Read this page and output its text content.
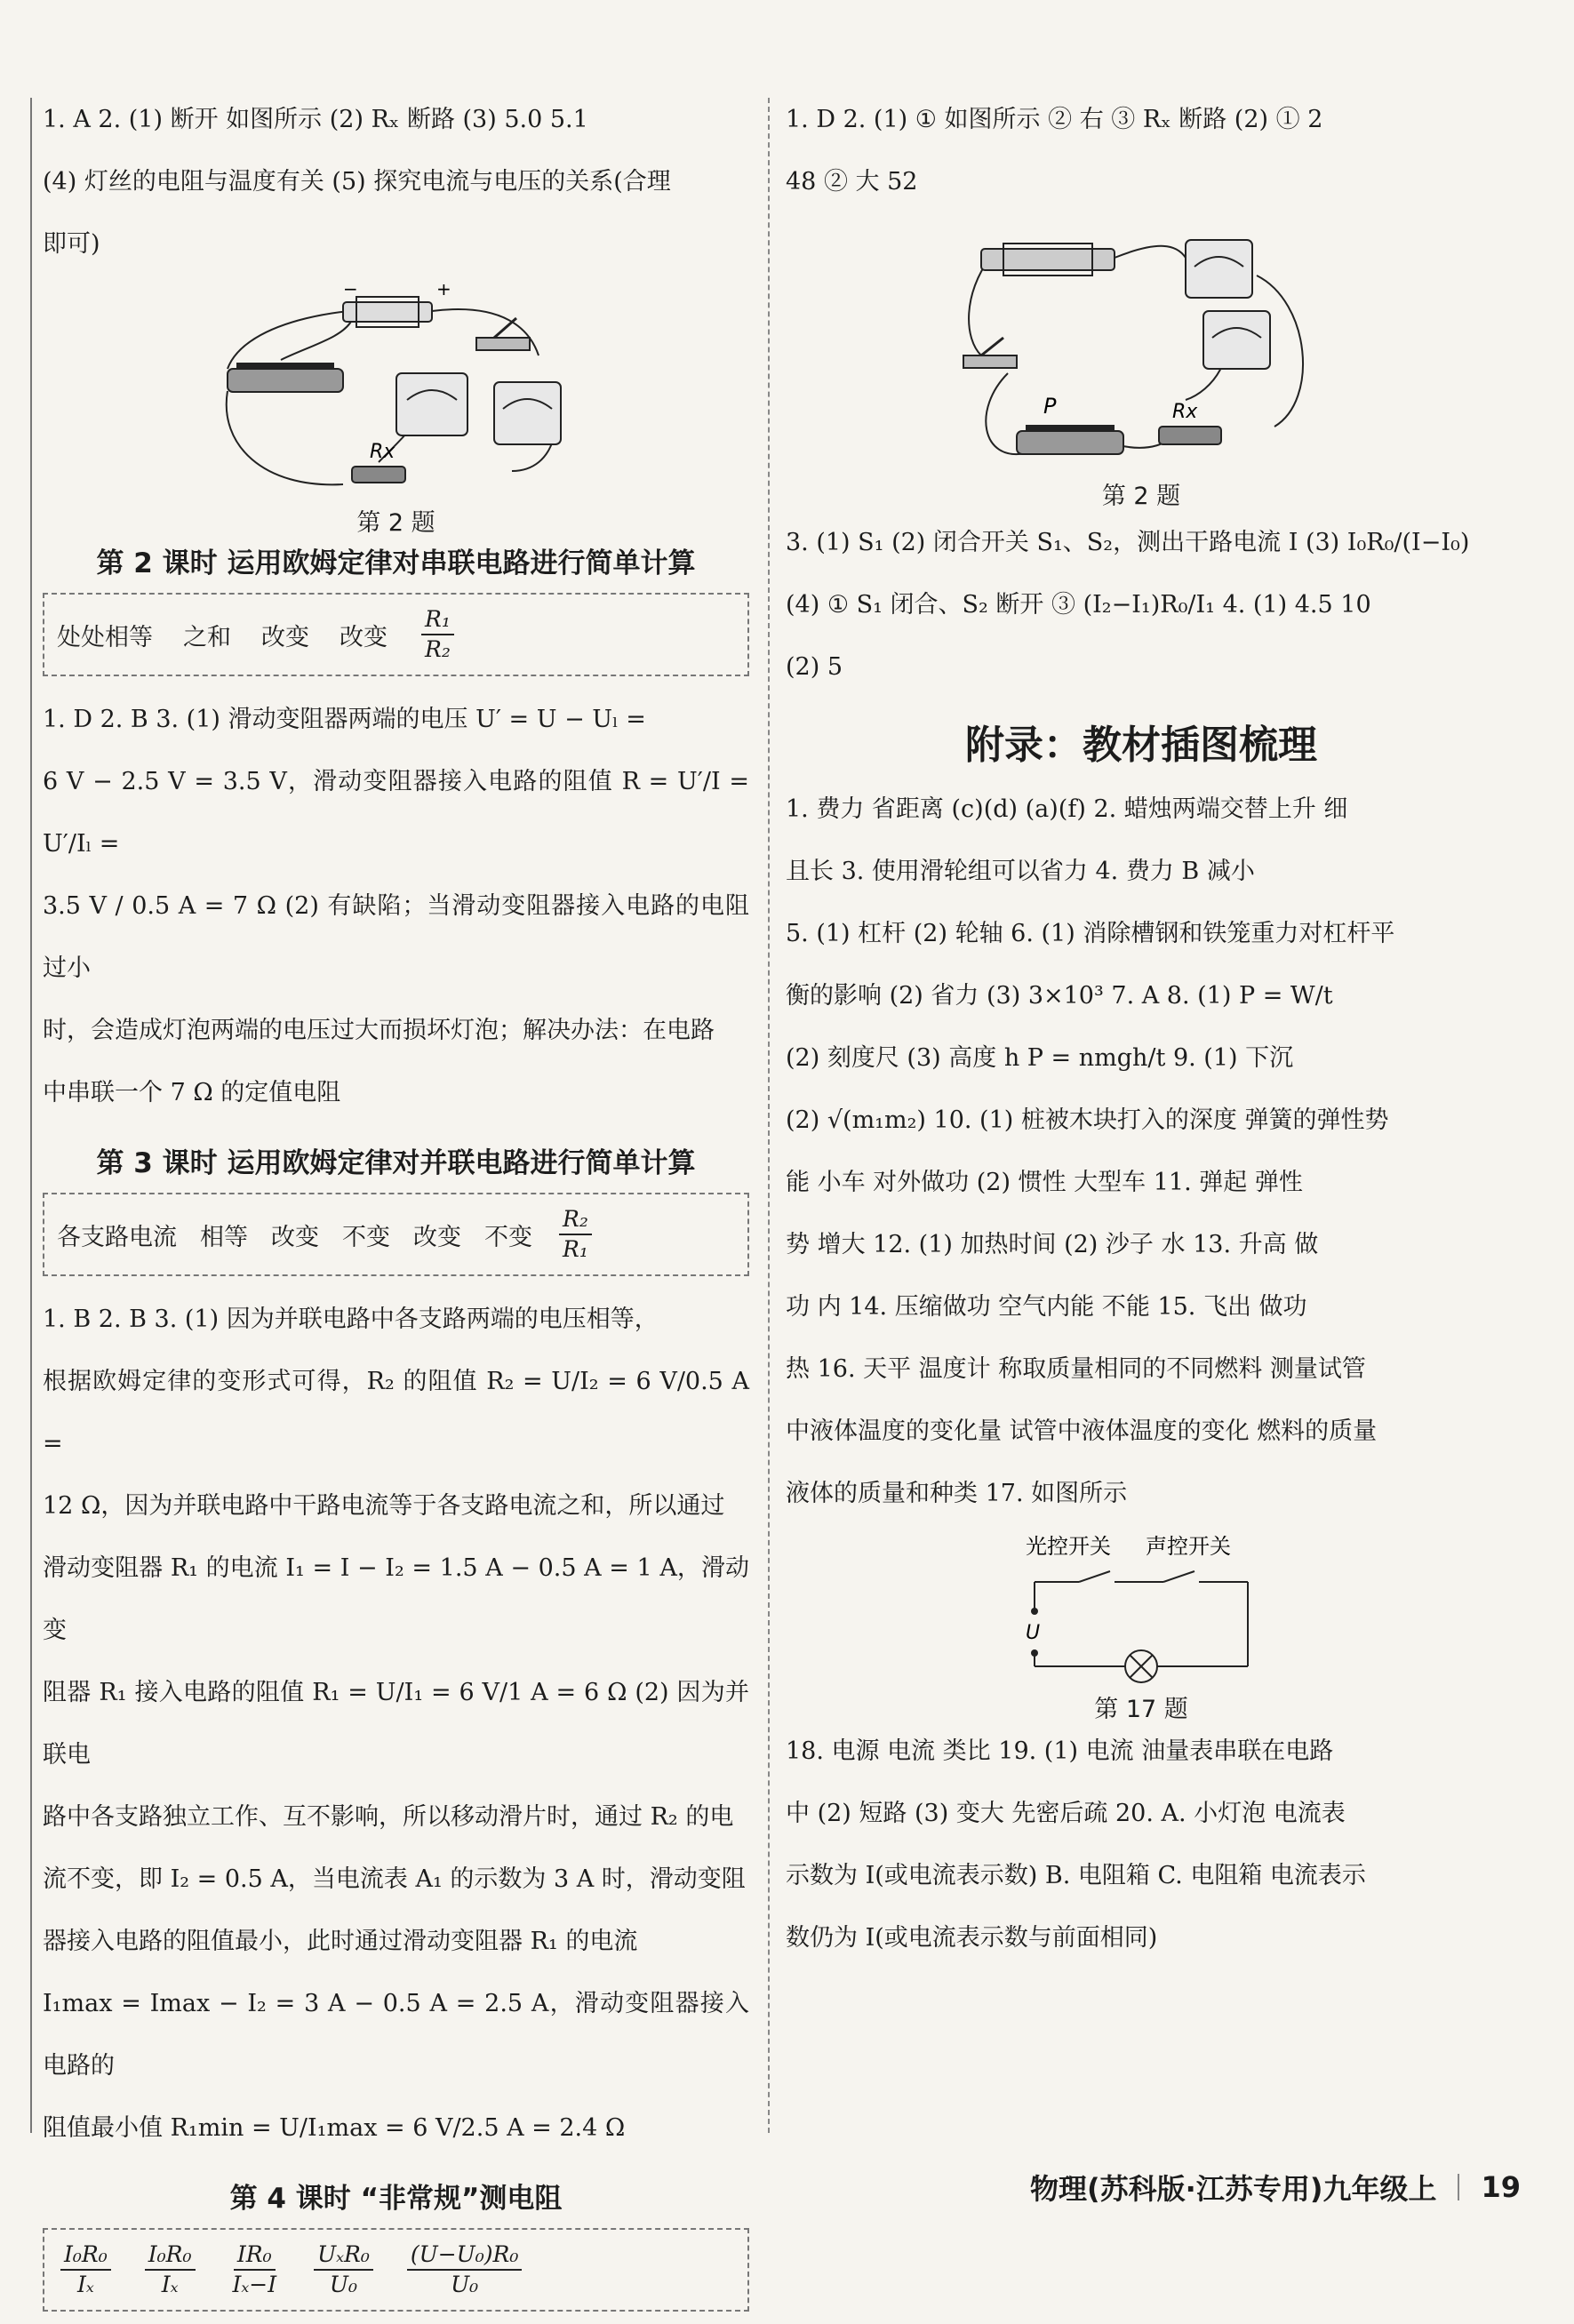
1. A 2. (1) 断开 如图所示 (2) Rₓ 断路 (3) 5.0 5.1

(4) 灯丝的电阻与温度有关 (5) 探究电流与电压的关系(合理

即可)

−	+
Rx
第 2 题
第 2 课时 运用欧姆定律对串联电路进行简单计算
处处相等 之和 改变 改变 $\frac{\text{R₁}}{\text{R₂}}$

1. D 2. B 3. (1) 滑动变阻器两端的电压 U′ = U − Uₗ =

6 V − 2.5 V = 3.5 V，滑动变阻器接入电路的阻值 R = U′/I = U′/Iₗ =

3.5 V / 0.5 A = 7 Ω (2) 有缺陷；当滑动变阻器接入电路的电阻过小

时，会造成灯泡两端的电压过大而损坏灯泡；解决办法：在电路

中串联一个 7 Ω 的定值电阻

第 3 课时 运用欧姆定律对并联电路进行简单计算
各支路电流 相等 改变 不变 改变 不变 $\frac{\text{R₂}}{\text{R₁}}$

1. B 2. B 3. (1) 因为并联电路中各支路两端的电压相等，

根据欧姆定律的变形式可得，R₂ 的阻值 R₂ = U/I₂ = 6 V/0.5 A =

12 Ω，因为并联电路中干路电流等于各支路电流之和，所以通过

滑动变阻器 R₁ 的电流 I₁ = I − I₂ = 1.5 A − 0.5 A = 1 A，滑动变

阻器 R₁ 接入电路的阻值 R₁ = U/I₁ = 6 V/1 A = 6 Ω (2) 因为并联电

路中各支路独立工作、互不影响，所以移动滑片时，通过 R₂ 的电

流不变，即 I₂ = 0.5 A，当电流表 A₁ 的示数为 3 A 时，滑动变阻

器接入电路的阻值最小，此时通过滑动变阻器 R₁ 的电流

I₁max = Imax − I₂ = 3 A − 0.5 A = 2.5 A，滑动变阻器接入电路的

阻值最小值 R₁min = U/I₁max = 6 V/2.5 A = 2.4 Ω

第 4 课时 “非常规”测电阻
$\frac{\text{I₀R₀}}{\text{Iₓ}} \frac{\text{I₀R₀}}{\text{Iₓ}} \frac{\text{IR₀}}{\text{Iₓ−I}} \frac{\text{UₓR₀}}{\text{U₀}} \frac{\text{(U−U₀)R₀}}{\text{U₀}}$

1. D 2. (1) ① 如图所示 ② 右 ③ Rₓ 断路 (2) ① 2

48 ② 大 52

P	Rx
第 2 题

3. (1) S₁ (2) 闭合开关 S₁、S₂，测出干路电流 I (3) I₀R₀/(I−I₀)

(4) ① S₁ 闭合、S₂ 断开 ③ (I₂−I₁)R₀/I₁ 4. (1) 4.5 10

(2) 5

附录：教材插图梳理

1. 费力 省距离 (c)(d) (a)(f) 2. 蜡烛两端交替上升 细

且长 3. 使用滑轮组可以省力 4. 费力 B 减小

5. (1) 杠杆 (2) 轮轴 6. (1) 消除槽钢和铁笼重力对杠杆平

衡的影响 (2) 省力 (3) 3×10³ 7. A 8. (1) P = W/t

(2) 刻度尺 (3) 高度 h P = nmgh/t 9. (1) 下沉

(2) √(m₁m₂) 10. (1) 桩被木块打入的深度 弹簧的弹性势

能 小车 对外做功 (2) 惯性 大型车 11. 弹起 弹性

势 增大 12. (1) 加热时间 (2) 沙子 水 13. 升高 做

功 内 14. 压缩做功 空气内能 不能 15. 飞出 做功

热 16. 天平 温度计 称取质量相同的不同燃料 测量试管

中液体温度的变化量 试管中液体温度的变化 燃料的质量

液体的质量和种类 17. 如图所示

光控开关 声控开关
U
第 17 题

18. 电源 电流 类比 19. (1) 电流 油量表串联在电路

中 (2) 短路 (3) 变大 先密后疏 20. A. 小灯泡 电流表

示数为 I(或电流表示数) B. 电阻箱 C. 电阻箱 电流表示

数仍为 I(或电流表示数与前面相同)

物理(苏科版·江苏专用)九年级上 19
